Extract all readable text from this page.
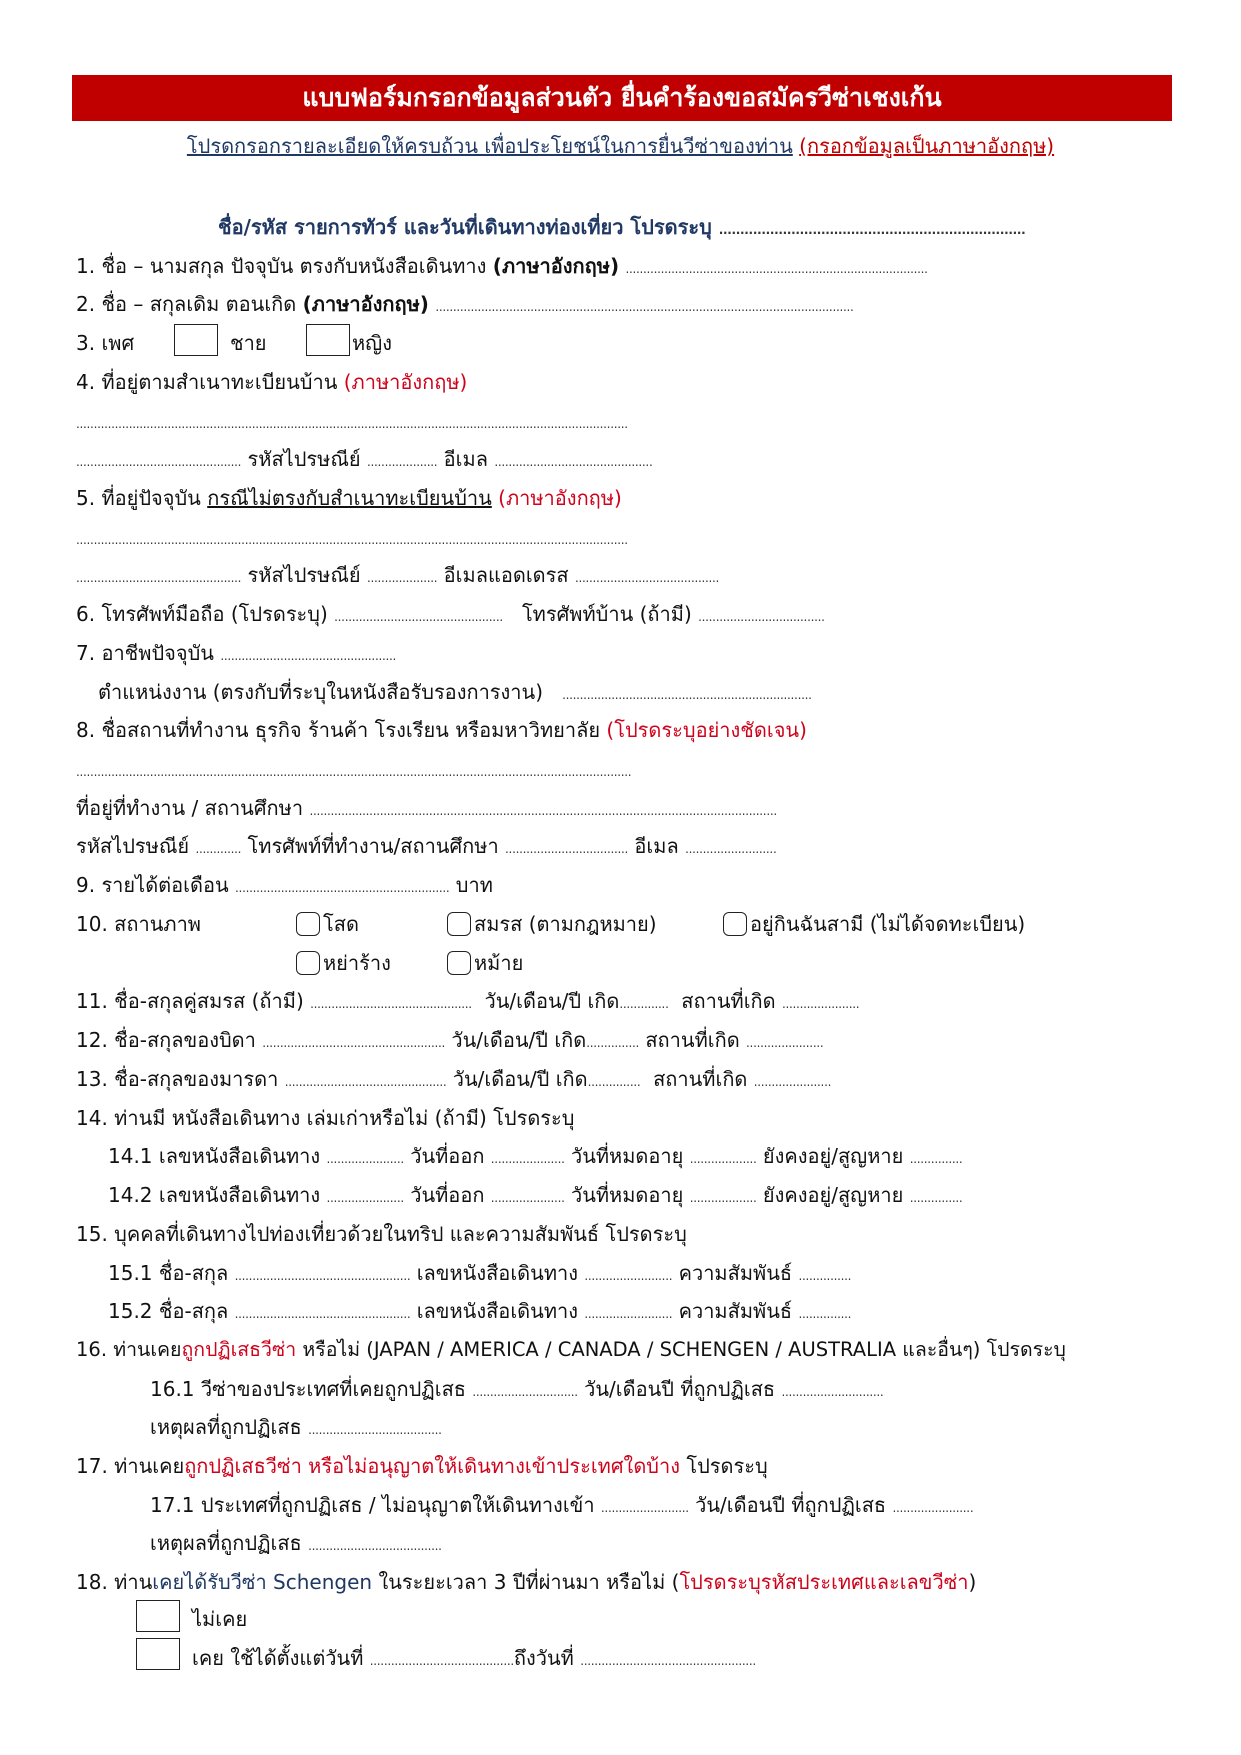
แบบฟอร์มกรอกข้อมูลส่วนตัว ยื่นคำร้องขอสมัครวีซ่าเชงเก้น
โปรดกรอกรายละเอียดให้ครบถ้วน เพื่อประโยชน์ในการยื่นวีซ่าของท่าน (กรอกข้อมูลเป็นภาษาอังกฤษ)
ชื่อ/รหัส รายการทัวร์ และวันที่เดินทางท่องเที่ยว โปรดระบุ ........................................................................
1. ชื่อ – นามสกุล ปัจจุบัน ตรงกับหนังสือเดินทาง (ภาษาอังกฤษ) ......................................................................................
2. ชื่อ – สกุลเดิม ตอนเกิด (ภาษาอังกฤษ) .......................................................................................................................
3. เพศ	ชาย	หญิง
4. ที่อยู่ตามสำเนาทะเบียนบ้าน (ภาษาอังกฤษ)
.............................................................................................................................................................
............................................... รหัสไปรษณีย์ .................... อีเมล .............................................
5. ที่อยู่ปัจจุบัน กรณีไม่ตรงกับสำเนาทะเบียนบ้าน (ภาษาอังกฤษ)
.............................................................................................................................................................
............................................... รหัสไปรษณีย์ .................... อีเมลแอดเดรส .........................................
6. โทรศัพท์มือถือ (โปรดระบุ) ................................................ โทรศัพท์บ้าน (ถ้ามี) ....................................
7. อาชีพปัจจุบัน ..................................................
ตำแหน่งงาน (ตรงกับที่ระบุในหนังสือรับรองการงาน) .......................................................................
8. ชื่อสถานที่ทำงาน ธุรกิจ ร้านค้า โรงเรียน หรือมหาวิทยาลัย (โปรดระบุอย่างชัดเจน)
..............................................................................................................................................................
ที่อยู่ที่ทำงาน / สถานศึกษา .....................................................................................................................................
รหัสไปรษณีย์ ............. โทรศัพท์ที่ทำงาน/สถานศึกษา ................................... อีเมล ..........................
9. รายได้ต่อเดือน ............................................................. บาท
10. สถานภาพ	โสด	สมรส (ตามกฎหมาย)	อยู่กินฉันสามี (ไม่ได้จดทะเบียน)
หย่าร้าง	หม้าย
11. ชื่อ-สกุลคู่สมรส (ถ้ามี) .............................................. วัน/เดือน/ปี เกิด.............. สถานที่เกิด ......................
12. ชื่อ-สกุลของบิดา .................................................... วัน/เดือน/ปี เกิด............... สถานที่เกิด ......................
13. ชื่อ-สกุลของมารดา .............................................. วัน/เดือน/ปี เกิด............... สถานที่เกิด ......................
14. ท่านมี หนังสือเดินทาง เล่มเก่าหรือไม่ (ถ้ามี) โปรดระบุ
14.1 เลขหนังสือเดินทาง ...................... วันที่ออก ..................... วันที่หมดอายุ ................... ยังคงอยู่/สูญหาย ...............
14.2 เลขหนังสือเดินทาง ...................... วันที่ออก ..................... วันที่หมดอายุ ................... ยังคงอยู่/สูญหาย ...............
15. บุคคลที่เดินทางไปท่องเที่ยวด้วยในทริป และความสัมพันธ์ โปรดระบุ
15.1 ชื่อ-สกุล .................................................. เลขหนังสือเดินทาง ......................... ความสัมพันธ์ ...............
15.2 ชื่อ-สกุล .................................................. เลขหนังสือเดินทาง ......................... ความสัมพันธ์ ...............
16. ท่านเคยถูกปฏิเสธวีซ่า หรือไม่ (JAPAN / AMERICA / CANADA / SCHENGEN / AUSTRALIA และอื่นๆ) โปรดระบุ
16.1 วีซ่าของประเทศที่เคยถูกปฏิเสธ .............................. วัน/เดือนปี ที่ถูกปฏิเสธ .............................
เหตุผลที่ถูกปฏิเสธ ......................................
17. ท่านเคยถูกปฏิเสธวีซ่า หรือไม่อนุญาตให้เดินทางเข้าประเทศใดบ้าง โปรดระบุ
17.1 ประเทศที่ถูกปฏิเสธ / ไม่อนุญาตให้เดินทางเข้า ......................... วัน/เดือนปี ที่ถูกปฏิเสธ .......................
เหตุผลที่ถูกปฏิเสธ ......................................
18. ท่านเคยได้รับวีซ่า Schengen ในระยะเวลา 3 ปีที่ผ่านมา หรือไม่ (โปรดระบุรหัสประเทศและเลขวีซ่า)
ไม่เคย
เคย ใช้ได้ตั้งแต่วันที่ .........................................ถึงวันที่ ..................................................
